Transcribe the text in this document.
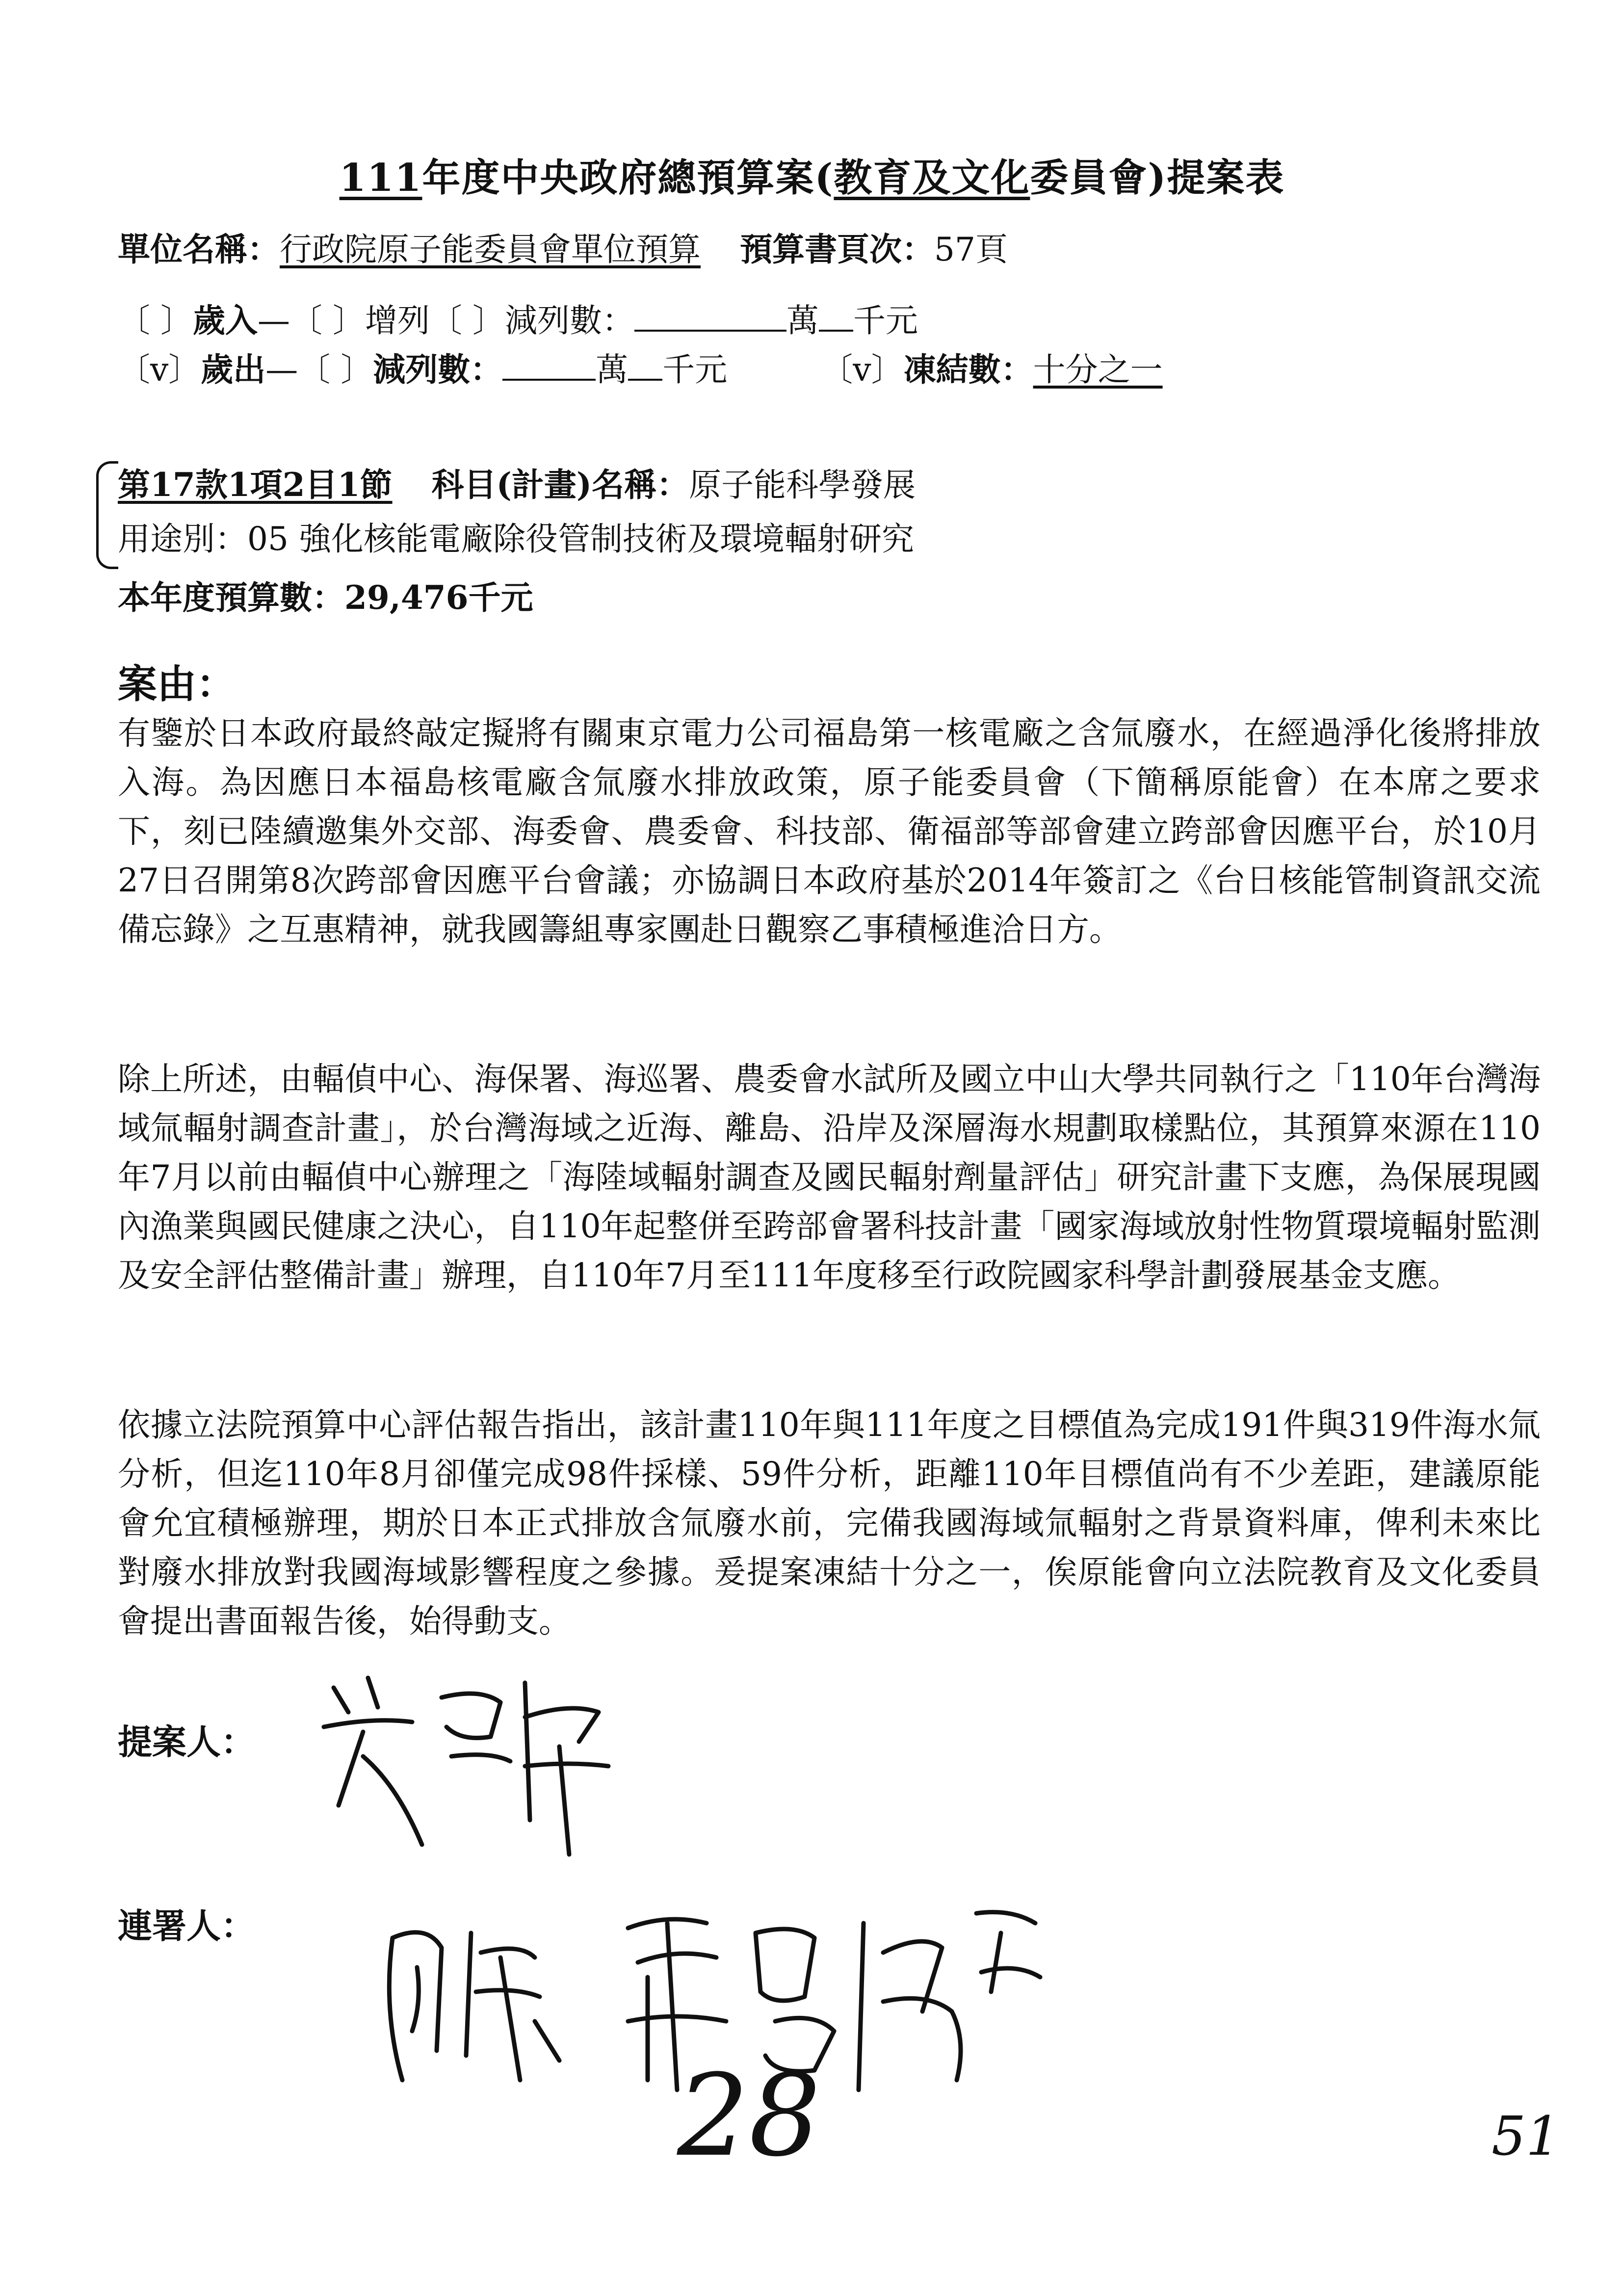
111年度中央政府總預算案(教育及文化委員會)提案表
單位名稱：行政院原子能委員會單位預算 預算書頁次：57頁
〔 〕歲入—〔 〕增列〔 〕減列數：	萬 千元
〔v〕歲出—〔 〕減列數：	萬 千元	〔v〕凍結數：十分之一
第17款1項2目1節 科目(計畫)名稱：原子能科學發展
用途別：05 強化核能電廠除役管制技術及環境輻射研究
本年度預算數：29,476千元
案由：
有鑒於日本政府最終敲定擬將有關東京電力公司福島第一核電廠之含氚廢水，在經過淨化後將排放入海。為因應日本福島核電廠含氚廢水排放政策，原子能委員會（下簡稱原能會）在本席之要求下，刻已陸續邀集外交部、海委會、農委會、科技部、衛福部等部會建立跨部會因應平台，於10月27日召開第8次跨部會因應平台會議；亦協調日本政府基於2014年簽訂之《台日核能管制資訊交流備忘錄》之互惠精神，就我國籌組專家團赴日觀察乙事積極進洽日方。
除上所述，由輻偵中心、海保署、海巡署、農委會水試所及國立中山大學共同執行之「110年台灣海域氚輻射調查計畫」，於台灣海域之近海、離島、沿岸及深層海水規劃取樣點位，其預算來源在110年7月以前由輻偵中心辦理之「海陸域輻射調查及國民輻射劑量評估」研究計畫下支應，為保展現國內漁業與國民健康之決心，自110年起整併至跨部會署科技計畫「國家海域放射性物質環境輻射監測及安全評估整備計畫」辦理，自110年7月至111年度移至行政院國家科學計劃發展基金支應。
依據立法院預算中心評估報告指出，該計畫110年與111年度之目標值為完成191件與319件海水氚分析，但迄110年8月卻僅完成98件採樣、59件分析，距離110年目標值尚有不少差距，建議原能會允宜積極辦理，期於日本正式排放含氚廢水前，完備我國海域氚輻射之背景資料庫，俾利未來比對廢水排放對我國海域影響程度之參據。爰提案凍結十分之一，俟原能會向立法院教育及文化委員會提出書面報告後，始得動支。
提案人：
連署人：
28	51
